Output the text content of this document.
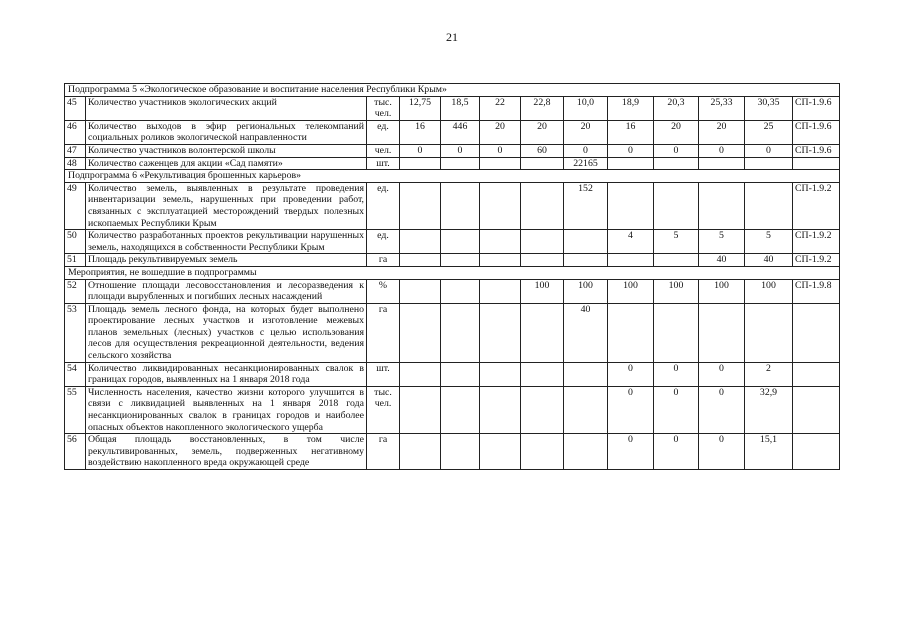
21
Подпрограмма 5 «Экологическое образование и воспитание населения Республики Крым»												
45	Количество участников экологических акций	тыс. чел.	12,75	18,5	22	22,8	10,0	18,9	20,3	25,33	30,35	СП-1.9.6
46	Количество выходов в эфир региональных телекомпаний социальных роликов экологической направленности	ед.	16	446	20	20	20	16	20	20	25	СП-1.9.6
47	Количество участников волонтерской школы	чел.	0	0	0	60	0	0	0	0	0	СП-1.9.6
48	Количество саженцев для акции «Сад памяти»	шт.					22165					
Подпрограмма 6 «Рекультивация брошенных карьеров»												
49	Количество земель, выявленных в результате проведения инвентаризации земель, нарушенных при проведении работ, связанных с эксплуатацией месторождений твердых полезных ископаемых Республики Крым	ед.					152					СП-1.9.2
50	Количество разработанных проектов рекультивации нарушенных земель, находящихся в собственности Республики Крым	ед.						4	5	5	5	СП-1.9.2
51	Площадь рекультивируемых земель	га								40	40	СП-1.9.2
Мероприятия, не вошедшие в подпрограммы												
52	Отношение площади лесовосстановления и лесоразведения к площади вырубленных и погибших лесных насаждений	%				100	100	100	100	100	100	СП-1.9.8
53	Площадь земель лесного фонда, на которых будет выполнено проектирование лесных участков и изготовление межевых планов земельных (лесных) участков с целью использования лесов для осуществления рекреационной деятельности, ведения сельского хозяйства	га					40					
54	Количество ликвидированных несанкционированных свалок в границах городов, выявленных на 1 января 2018 года	шт.						0	0	0	2	
55	Численность населения, качество жизни которого улучшится в связи с ликвидацией выявленных на 1 января 2018 года несанкционированных свалок в границах городов и наиболее опасных объектов накопленного экологического ущерба	тыс. чел.						0	0	0	32,9	
56	Общая площадь восстановленных, в том числе рекультивированных, земель, подверженных негативному воздействию накопленного вреда окружающей среде	га						0	0	0	15,1	
